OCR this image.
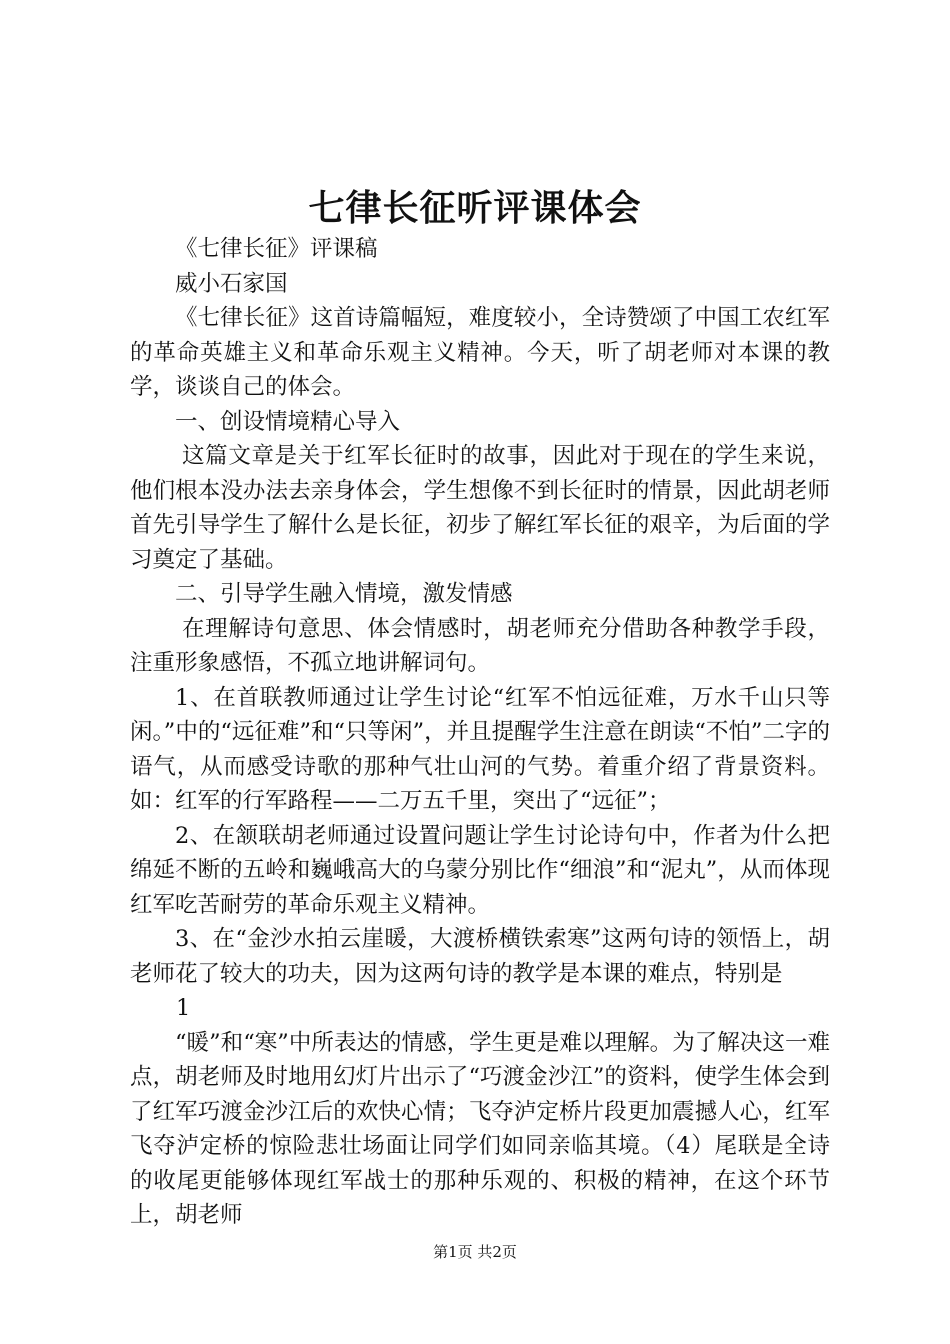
七律长征听评课体会

《七律长征》评课稿

威小石家国

《七律长征》这首诗篇幅短，难度较小，全诗赞颂了中国工农红军的革命英雄主义和革命乐观主义精神。今天，听了胡老师对本课的教学，谈谈自己的体会。

一、创设情境精心导入

这篇文章是关于红军长征时的故事，因此对于现在的学生来说，他们根本没办法去亲身体会，学生想像不到长征时的情景，因此胡老师首先引导学生了解什么是长征，初步了解红军长征的艰辛，为后面的学习奠定了基础。

二、引导学生融入情境，激发情感

在理解诗句意思、体会情感时，胡老师充分借助各种教学手段，注重形象感悟，不孤立地讲解词句。

1、在首联教师通过让学生讨论“红军不怕远征难，万水千山只等闲。”中的“远征难”和“只等闲”，并且提醒学生注意在朗读“不怕”二字的语气，从而感受诗歌的那种气壮山河的气势。着重介绍了背景资料。如：红军的行军路程——二万五千里，突出了“远征”；

2、在颔联胡老师通过设置问题让学生讨论诗句中，作者为什么把绵延不断的五岭和巍峨高大的乌蒙分别比作“细浪”和“泥丸”，从而体现红军吃苦耐劳的革命乐观主义精神。

3、在“金沙水拍云崖暖，大渡桥横铁索寒”这两句诗的领悟上，胡老师花了较大的功夫，因为这两句诗的教学是本课的难点，特别是

1

“暖”和“寒”中所表达的情感，学生更是难以理解。为了解决这一难点，胡老师及时地用幻灯片出示了“巧渡金沙江”的资料，使学生体会到了红军巧渡金沙江后的欢快心情；飞夺泸定桥片段更加震撼人心，红军飞夺泸定桥的惊险悲壮场面让同学们如同亲临其境。（4）尾联是全诗的收尾更能够体现红军战士的那种乐观的、积极的精神，在这个环节上，胡老师

第1页 共2页
